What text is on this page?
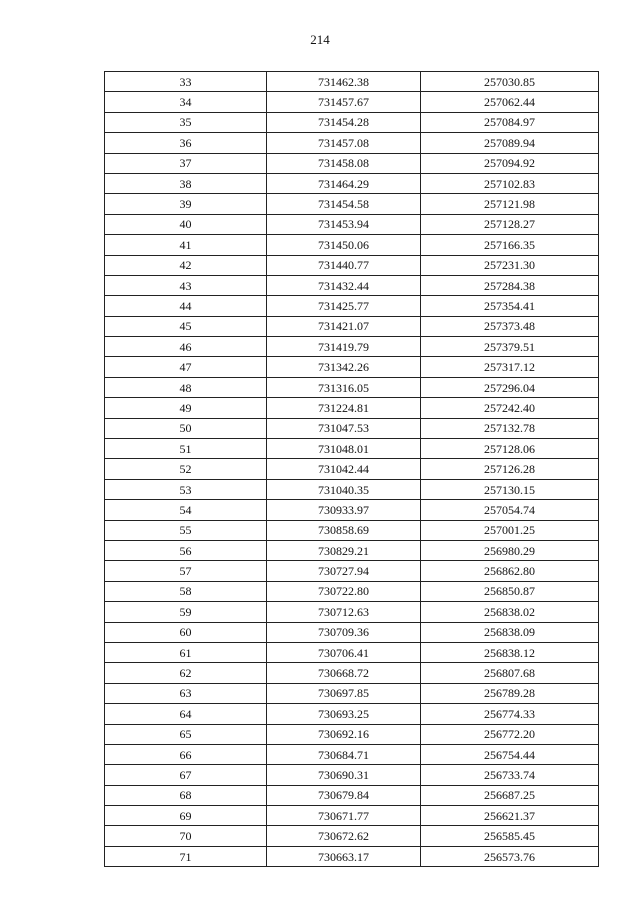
214
33	731462.38	257030.85
34	731457.67	257062.44
35	731454.28	257084.97
36	731457.08	257089.94
37	731458.08	257094.92
38	731464.29	257102.83
39	731454.58	257121.98
40	731453.94	257128.27
41	731450.06	257166.35
42	731440.77	257231.30
43	731432.44	257284.38
44	731425.77	257354.41
45	731421.07	257373.48
46	731419.79	257379.51
47	731342.26	257317.12
48	731316.05	257296.04
49	731224.81	257242.40
50	731047.53	257132.78
51	731048.01	257128.06
52	731042.44	257126.28
53	731040.35	257130.15
54	730933.97	257054.74
55	730858.69	257001.25
56	730829.21	256980.29
57	730727.94	256862.80
58	730722.80	256850.87
59	730712.63	256838.02
60	730709.36	256838.09
61	730706.41	256838.12
62	730668.72	256807.68
63	730697.85	256789.28
64	730693.25	256774.33
65	730692.16	256772.20
66	730684.71	256754.44
67	730690.31	256733.74
68	730679.84	256687.25
69	730671.77	256621.37
70	730672.62	256585.45
71	730663.17	256573.76
